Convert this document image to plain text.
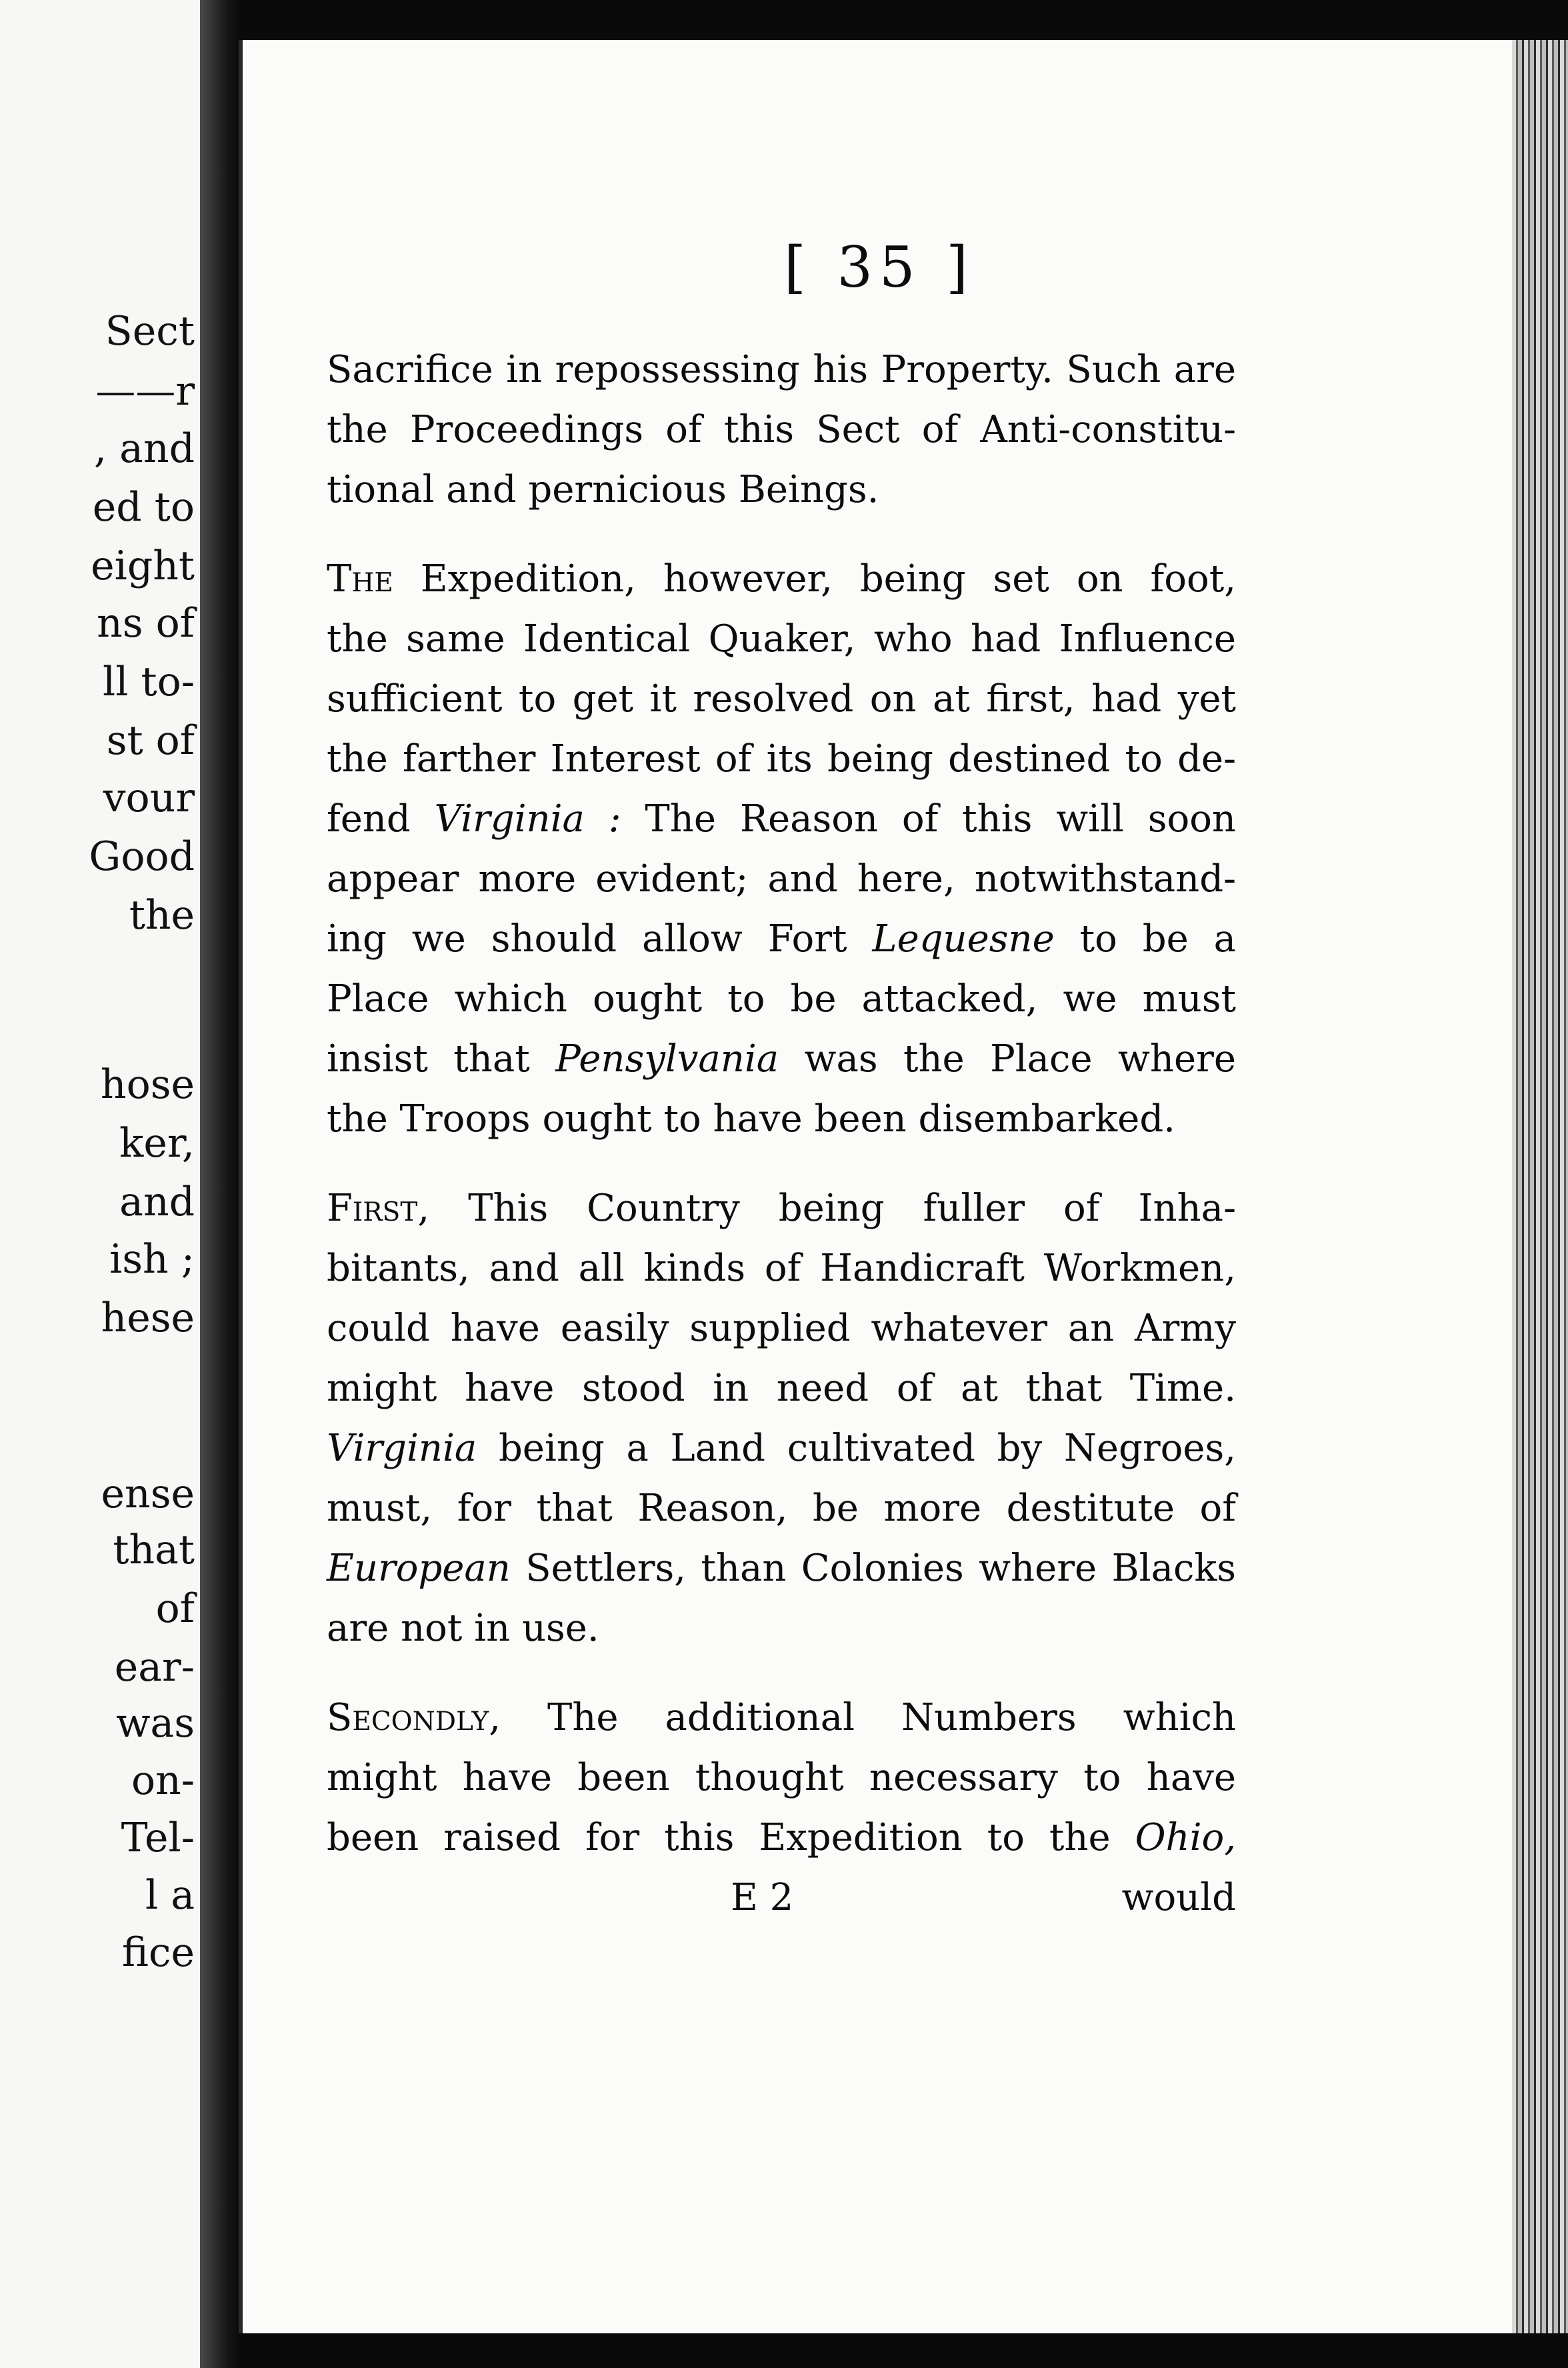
Sect
——r
, and
ed to
eight
ns of
ll to-
st of
vour
Good
the
hose
ker,
and
ish ;
hese
ense
that
of
ear-
was
on-
Tel-
l a
fice
[ 35 ]
Sacrifice in repossessing his Property. Such are
the Proceedings of this Sect of Anti-constitu-
tional and pernicious Beings.
The Expedition, however, being set on foot,
the same Identical Quaker, who had Influence
sufficient to get it resolved on at first, had yet
the farther Interest of its being destined to de-
fend Virginia : The Reason of this will soon
appear more evident; and here, notwithstand-
ing we should allow Fort Lequesne to be a
Place which ought to be attacked, we must
insist that Pensylvania was the Place where
the Troops ought to have been disembarked.
First, This Country being fuller of Inha-
bitants, and all kinds of Handicraft Workmen,
could have easily supplied whatever an Army
might have stood in need of at that Time.
Virginia being a Land cultivated by Negroes,
must, for that Reason, be more destitute of
European Settlers, than Colonies where Blacks
are not in use.
Secondly, The additional Numbers which
might have been thought necessary to have
been raised for this Expedition to the Ohio,
E 2	would
